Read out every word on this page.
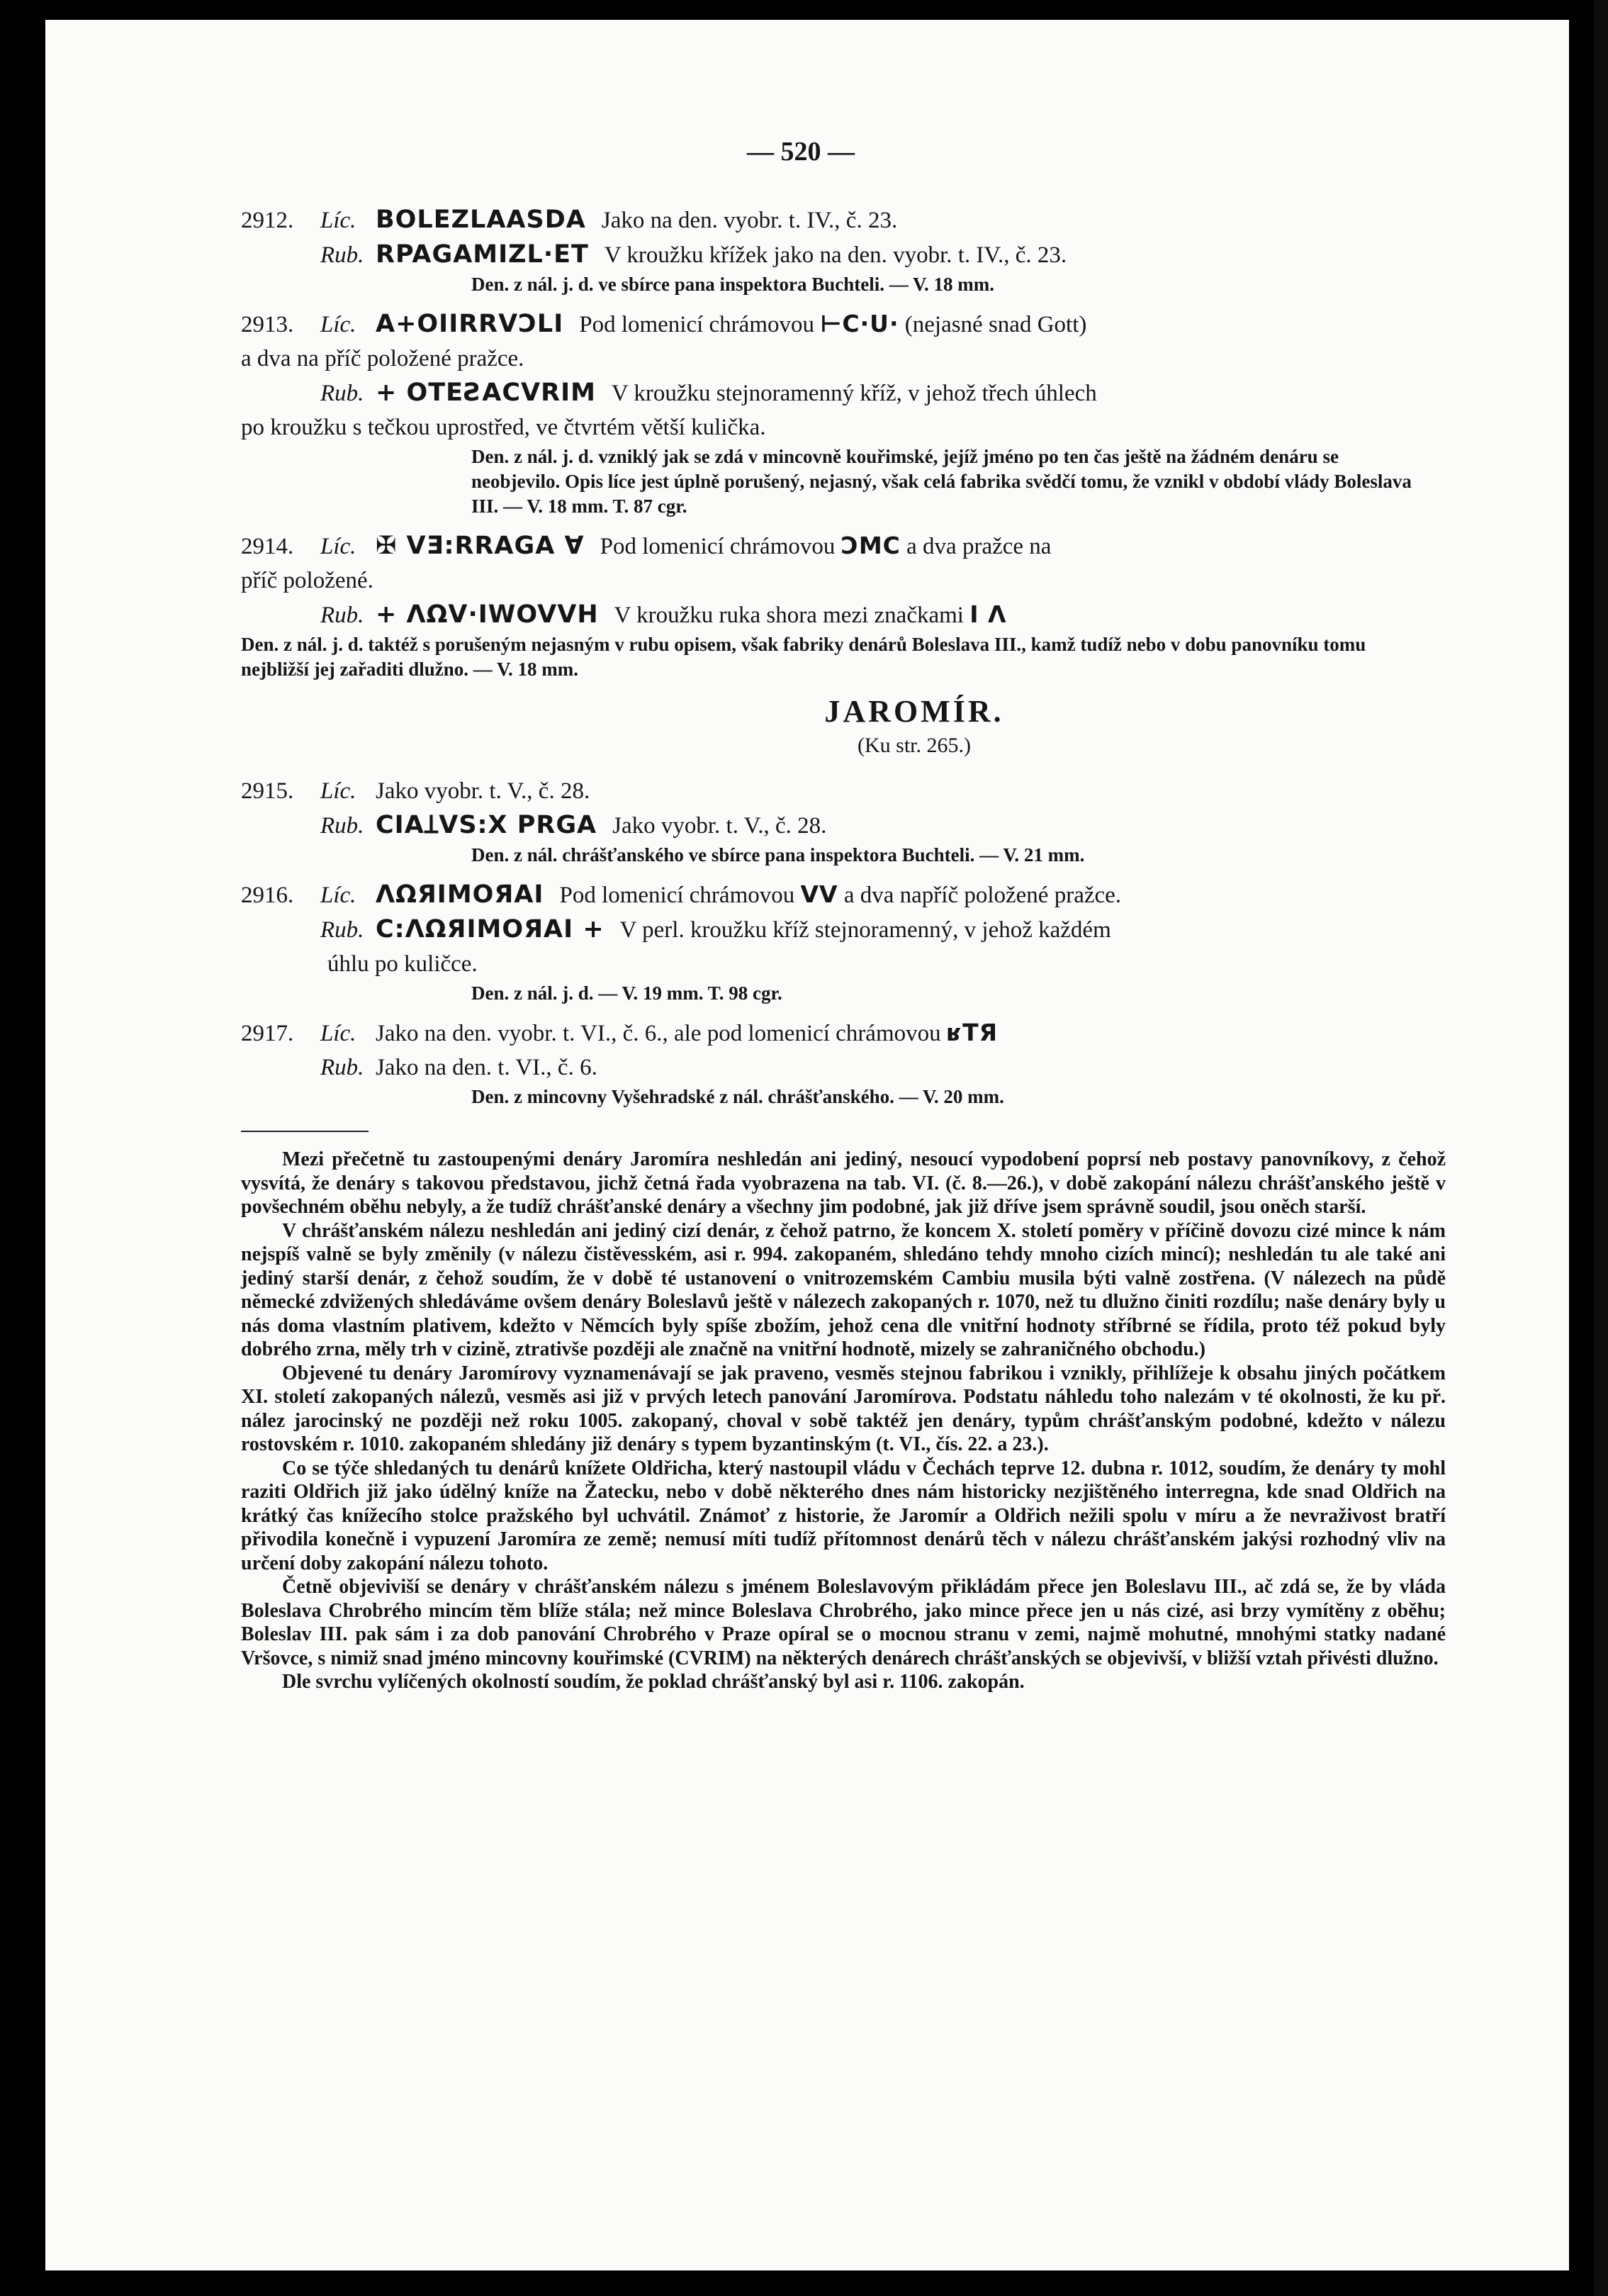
— 520 —
2912. Líc. BOLEZLAASDA Jako na den. vyobr. t. IV., č. 23.
Rub. RPAGAMIZL·ET V kroužku křížek jako na den. vyobr. t. IV., č. 23.
Den. z nál. j. d. ve sbírce pana inspektora Buchteli. — V. 18 mm.
2913. Líc. A+OIIRRVƆLI Pod lomenicí chrámovou ⊢C·U· (nejasné snad Gott)
a dva na příč položené pražce.
Rub. + OTEƧACVRIM V kroužku stejnoramenný kříž, v jehož třech úhlech
po kroužku s tečkou uprostřed, ve čtvrtém větší kulička.
Den. z nál. j. d. vzniklý jak se zdá v mincovně kouřimské, jejíž jméno po ten čas ještě na žádném denáru se neobjevilo. Opis líce jest úplně porušený, nejasný, však celá fabrika svědčí tomu, že vznikl v období vlády Boleslava III. — V. 18 mm. T. 87 cgr.
2914. Líc. ✠ VƎ:RRAGA ∀ Pod lomenicí chrámovou ƆMC a dva pražce na
příč položené.
Rub. + ΛΩV·IWOVVH V kroužku ruka shora mezi značkami I Λ
Den. z nál. j. d. taktéž s porušeným nejasným v rubu opisem, však fabriky denárů Boleslava III., kamž tudíž nebo v dobu panovníku tomu nejbližší jej zařaditi dlužno. — V. 18 mm.
JAROMÍR.
(Ku str. 265.)
2915. Líc. Jako vyobr. t. V., č. 28.
Rub. CIAꞱVS:X PRGA Jako vyobr. t. V., č. 28.
Den. z nál. chrášťanského ve sbírce pana inspektora Buchteli. — V. 21 mm.
2916. Líc. ΛΩЯIMOЯAI Pod lomenicí chrámovou VV a dva napříč položené pražce.
Rub. Ⅽ:ΛΩЯIMOЯAI + V perl. kroužku kříž stejnoramenný, v jehož každém
úhlu po kuličce.
Den. z nál. j. d. — V. 19 mm. T. 98 cgr.
2917. Líc. Jako na den. vyobr. t. VI., č. 6., ale pod lomenicí chrámovou ʁTЯ
Rub. Jako na den. t. VI., č. 6.
Den. z mincovny Vyšehradské z nál. chrášťanského. — V. 20 mm.

Mezi přečetně tu zastoupenými denáry Jaromíra neshledán ani jediný, nesoucí vypodobení poprsí neb postavy panovníkovy, z čehož vysvítá, že denáry s takovou představou, jichž četná řada vyobrazena na tab. VI. (č. 8.—26.), v době zakopání nálezu chrášťanského ještě v povšechném oběhu nebyly, a že tudíž chrášťanské denáry a všechny jim podobné, jak již dříve jsem správně soudil, jsou oněch starší.

V chrášťanském nálezu neshledán ani jediný cizí denár, z čehož patrno, že koncem X. století poměry v příčině dovozu cizé mince k nám nejspíš valně se byly změnily (v nálezu čistěvesském, asi r. 994. zakopaném, shledáno tehdy mnoho cizích mincí); neshledán tu ale také ani jediný starší denár, z čehož soudím, že v době té ustanovení o vnitrozemském Cambiu musila býti valně zostřena. (V nálezech na půdě německé zdvižených shledáváme ovšem denáry Boleslavů ještě v nálezech zakopaných r. 1070, než tu dlužno činiti rozdílu; naše denáry byly u nás doma vlastním plativem, kdežto v Němcích byly spíše zbožím, jehož cena dle vnitřní hodnoty stříbrné se řídila, proto též pokud byly dobrého zrna, měly trh v cizině, ztrativše později ale značně na vnitřní hodnotě, mizely se zahraničného obchodu.)

Objevené tu denáry Jaromírovy vyznamenávají se jak praveno, vesměs stejnou fabrikou i vznikly, přihlížeje k obsahu jiných počátkem XI. století zakopaných nálezů, vesměs asi již v prvých letech panování Jaromírova. Podstatu náhledu toho nalezám v té okolnosti, že ku př. nález jarocinský ne později než roku 1005. zakopaný, choval v sobě taktéž jen denáry, typům chrášťanským podobné, kdežto v nálezu rostovském r. 1010. zakopaném shledány již denáry s typem byzantinským (t. VI., čís. 22. a 23.).

Co se týče shledaných tu denárů knížete Oldřicha, který nastoupil vládu v Čechách teprve 12. dubna r. 1012, soudím, že denáry ty mohl raziti Oldřich již jako údělný kníže na Žatecku, nebo v době některého dnes nám historicky nezjištěného interregna, kde snad Oldřich na krátký čas knížecího stolce pražského byl uchvátil. Známoť z historie, že Jaromír a Oldřich nežili spolu v míru a že nevraživost bratří přivodila konečně i vypuzení Jaromíra ze země; nemusí míti tudíž přítomnost denárů těch v nálezu chrášťanském jakýsi rozhodný vliv na určení doby zakopání nálezu tohoto.

Četně objeviviší se denáry v chrášťanském nálezu s jménem Boleslavovým přikládám přece jen Boleslavu III., ač zdá se, že by vláda Boleslava Chrobrého mincím těm blíže stála; než mince Boleslava Chrobrého, jako mince přece jen u nás cizé, asi brzy vymítěny z oběhu; Boleslav III. pak sám i za dob panování Chrobrého v Praze opíral se o mocnou stranu v zemi, najmě mohutné, mnohými statky nadané Vršovce, s nimiž snad jméno mincovny kouřimské (CVRIM) na některých denárech chrášťanských se objevivší, v bližší vztah přivésti dlužno.

Dle svrchu vylíčených okolností soudím, že poklad chrášťanský byl asi r. 1106. zakopán.
